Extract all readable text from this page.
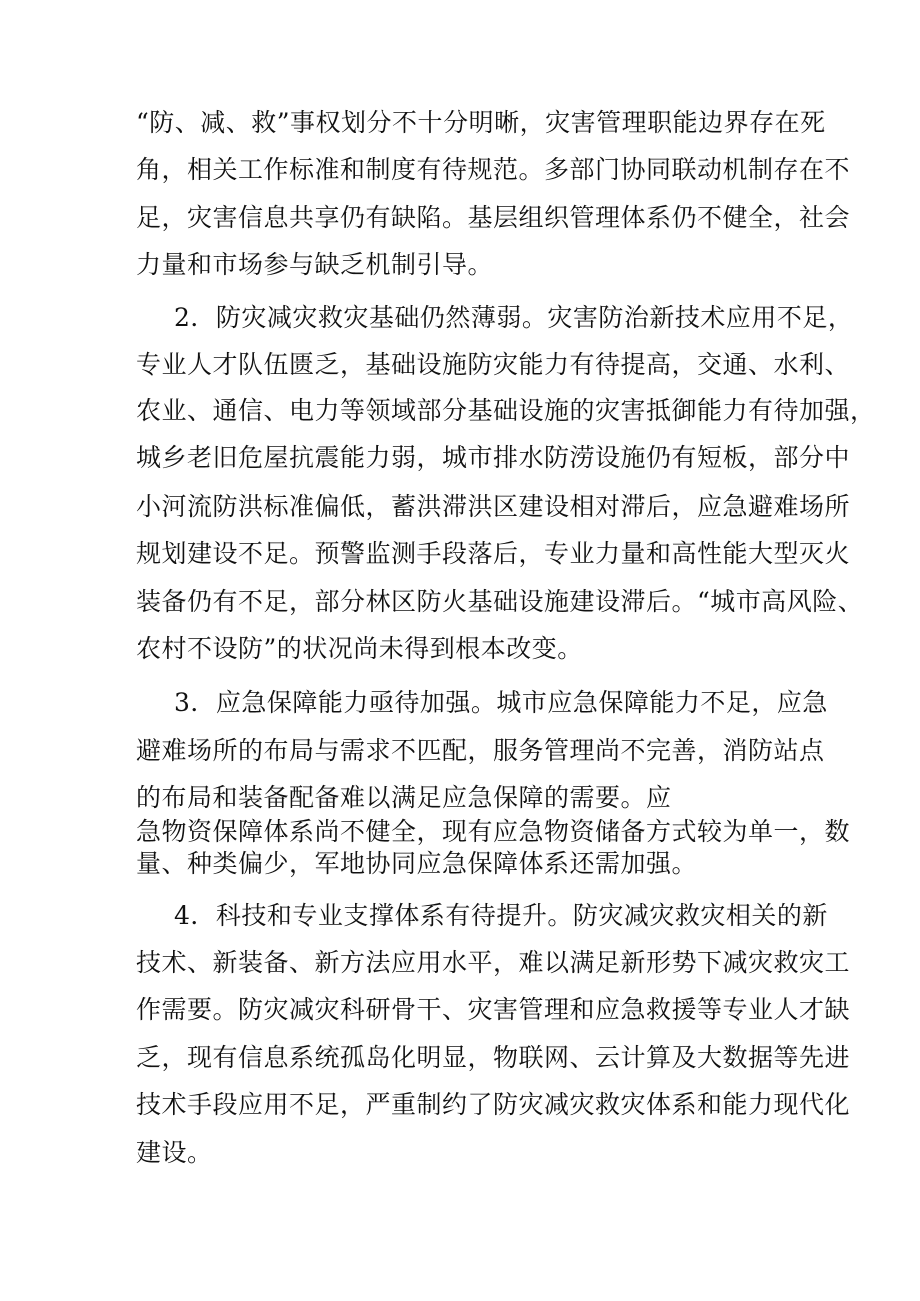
“防、减、救”事权划分不十分明晰，灾害管理职能边界存在死
角，相关工作标准和制度有待规范。多部门协同联动机制存在不
足，灾害信息共享仍有缺陷。基层组织管理体系仍不健全，社会
力量和市场参与缺乏机制引导。
2．防灾减灾救灾基础仍然薄弱。灾害防治新技术应用不足，
专业人才队伍匮乏，基础设施防灾能力有待提高，交通、水利、
农业、通信、电力等领域部分基础设施的灾害抵御能力有待加强，
城乡老旧危屋抗震能力弱，城市排水防涝设施仍有短板，部分中
小河流防洪标准偏低，蓄洪滞洪区建设相对滞后，应急避难场所
规划建设不足。预警监测手段落后，专业力量和高性能大型灭火
装备仍有不足，部分林区防火基础设施建设滞后。“城市高风险、
农村不设防”的状况尚未得到根本改变。
3．应急保障能力亟待加强。城市应急保障能力不足，应急
避难场所的布局与需求不匹配，服务管理尚不完善，消防站点
的布局和装备配备难以满足应急保障的需要。应
急物资保障体系尚不健全，现有应急物资储备方式较为单一，数
量、种类偏少，军地协同应急保障体系还需加强。
4．科技和专业支撑体系有待提升。防灾减灾救灾相关的新
技术、新装备、新方法应用水平，难以满足新形势下减灾救灾工
作需要。防灾减灾科研骨干、灾害管理和应急救援等专业人才缺
乏，现有信息系统孤岛化明显，物联网、云计算及大数据等先进
技术手段应用不足，严重制约了防灾减灾救灾体系和能力现代化
建设。
